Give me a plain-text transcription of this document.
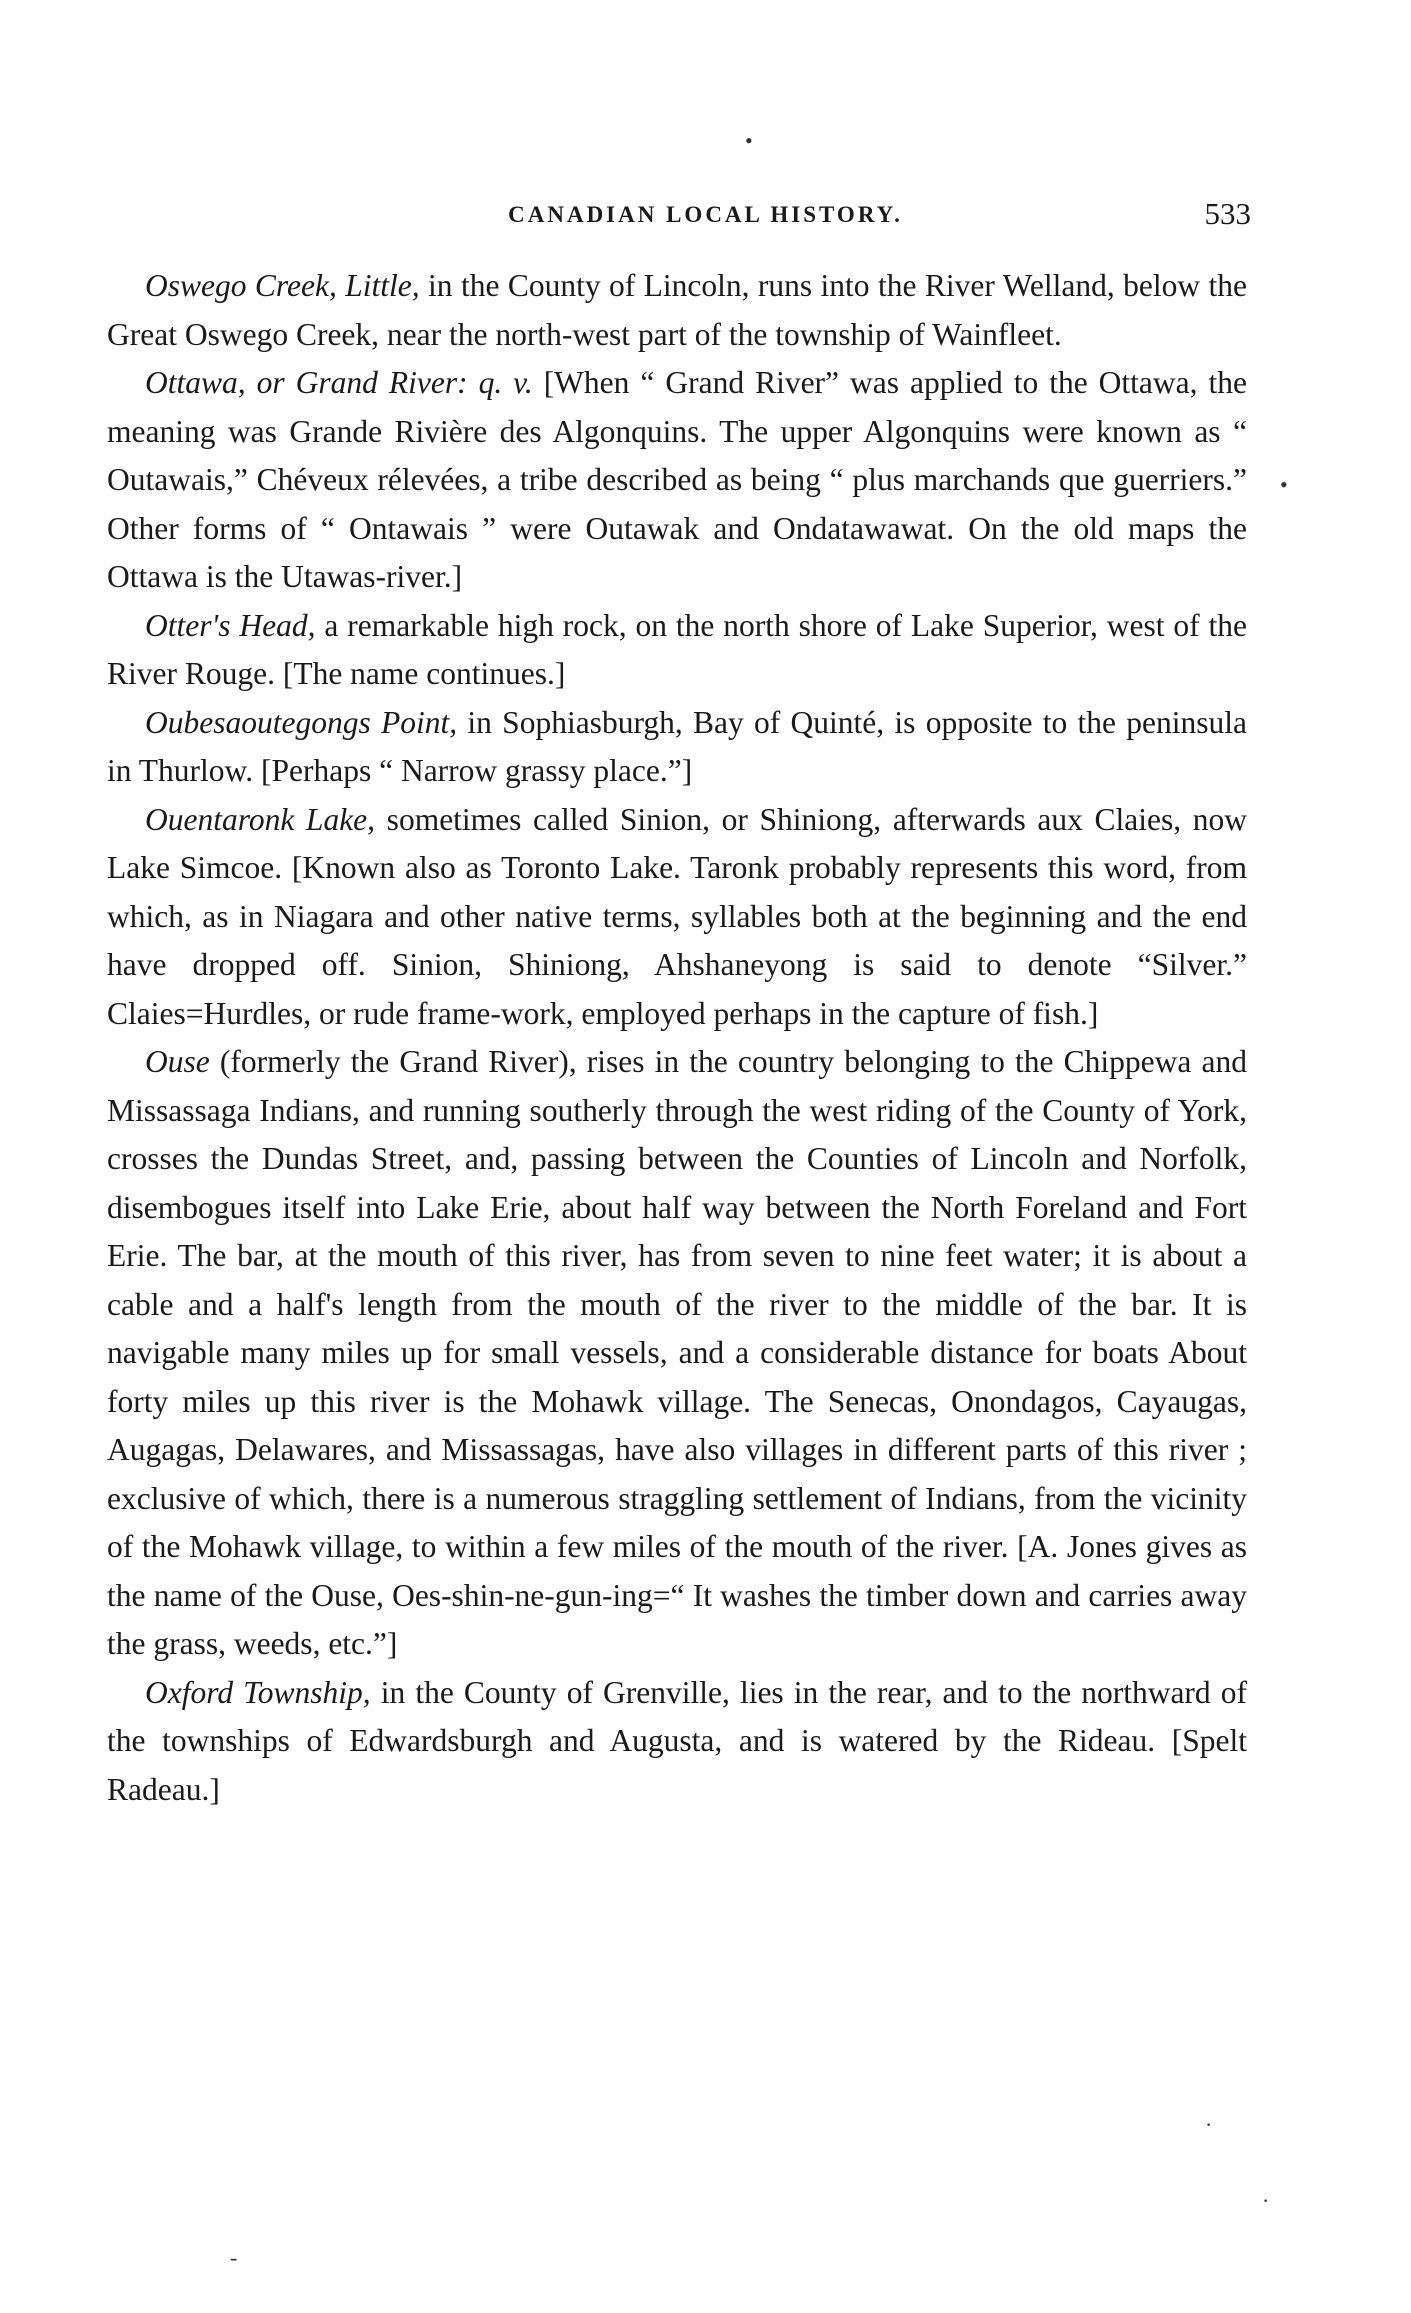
CANADIAN LOCAL HISTORY.	533
•
•
·
·
-

Oswego Creek, Little, in the County of Lincoln, runs into the River Welland, below the Great Oswego Creek, near the north-west part of the township of Wainfleet.

Ottawa, or Grand River: q. v. [When “ Grand River” was applied to the Ottawa, the meaning was Grande Rivière des Algonquins. The upper Algonquins were known as “ Outawais,” Chéveux rélevées, a tribe described as being “ plus marchands que guerriers.” Other forms of “ Ontawais ” were Outawak and Ondatawawat. On the old maps the Ottawa is the Utawas-river.]

Otter's Head, a remarkable high rock, on the north shore of Lake Superior, west of the River Rouge. [The name continues.]

Oubesaoutegongs Point, in Sophiasburgh, Bay of Quinté, is opposite to the peninsula in Thurlow. [Perhaps “ Narrow grassy place.”]

Ouentaronk Lake, sometimes called Sinion, or Shiniong, afterwards aux Claies, now Lake Simcoe. [Known also as Toronto Lake. Taronk probably represents this word, from which, as in Niagara and other native terms, syllables both at the beginning and the end have dropped off. Sinion, Shiniong, Ahshaneyong is said to denote “Silver.” Claies=Hurdles, or rude frame-work, employed perhaps in the capture of fish.]

Ouse (formerly the Grand River), rises in the country belonging to the Chippewa and Missassaga Indians, and running southerly through the west riding of the County of York, crosses the Dundas Street, and, passing between the Counties of Lincoln and Norfolk, disembogues itself into Lake Erie, about half way between the North Foreland and Fort Erie. The bar, at the mouth of this river, has from seven to nine feet water; it is about a cable and a half's length from the mouth of the river to the middle of the bar. It is navigable many miles up for small vessels, and a considerable distance for boats About forty miles up this river is the Mohawk village. The Senecas, Onondagos, Cayaugas, Augagas, Delawares, and Missassagas, have also villages in different parts of this river ; exclusive of which, there is a numerous straggling settlement of Indians, from the vicinity of the Mohawk village, to within a few miles of the mouth of the river. [A. Jones gives as the name of the Ouse, Oes-shin-ne-gun-ing=“ It washes the timber down and carries away the grass, weeds, etc.”]

Oxford Township, in the County of Grenville, lies in the rear, and to the northward of the townships of Edwardsburgh and Augusta, and is watered by the Rideau. [Spelt Radeau.]
